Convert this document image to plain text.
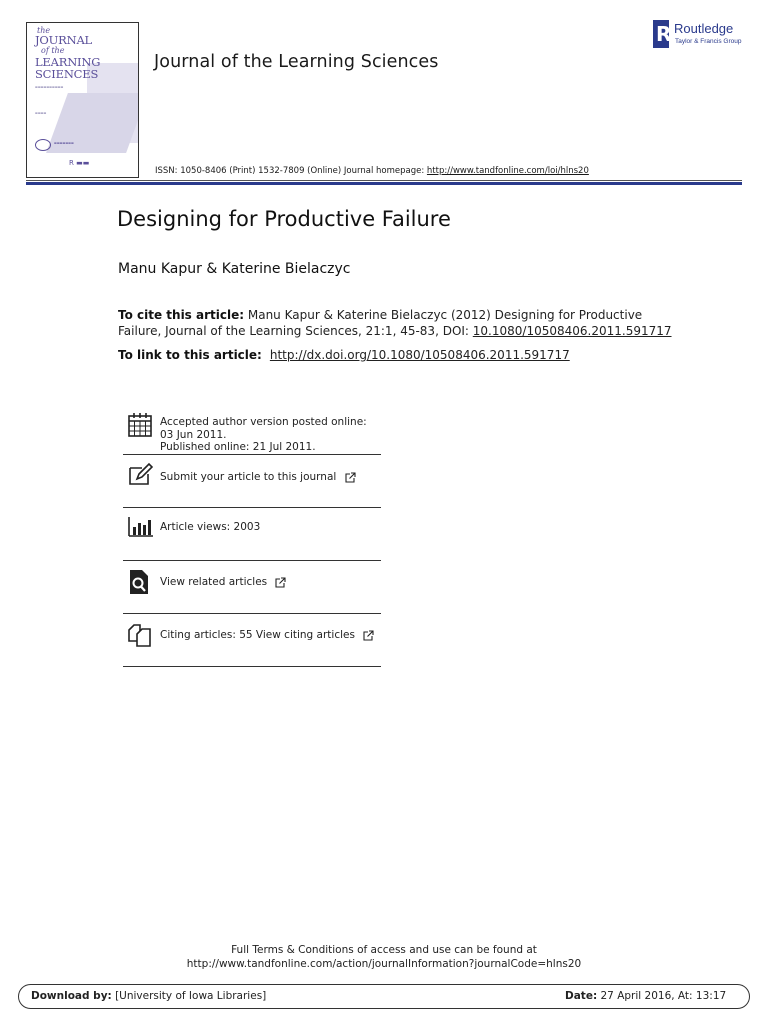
the
JOURNAL
of the
LEARNING
SCIENCES
▬▬▬▬▬▬▬▬▬▬
▬▬▬▬
▬▬▬▬▬▬▬
R ▬▬
Journal of the Learning Sciences
ISSN: 1050-8406 (Print) 1532-7809 (Online) Journal homepage: http://www.tandfonline.com/loi/hlns20
R Routledge
Taylor & Francis Group
Designing for Productive Failure
Manu Kapur & Katerine Bielaczyc
To cite this article: Manu Kapur & Katerine Bielaczyc (2012) Designing for Productive Failure, Journal of the Learning Sciences, 21:1, 45-83, DOI: 10.1080/10508406.2011.591717
To link to this article:  http://dx.doi.org/10.1080/10508406.2011.591717
Accepted author version posted online: 03 Jun 2011.
Published online: 21 Jul 2011.
Submit your article to this journal
Article views: 2003
View related articles
Citing articles: 55 View citing articles
Full Terms & Conditions of access and use can be found at
http://www.tandfonline.com/action/journalInformation?journalCode=hlns20
Download by: [University of Iowa Libraries]	Date: 27 April 2016, At: 13:17
